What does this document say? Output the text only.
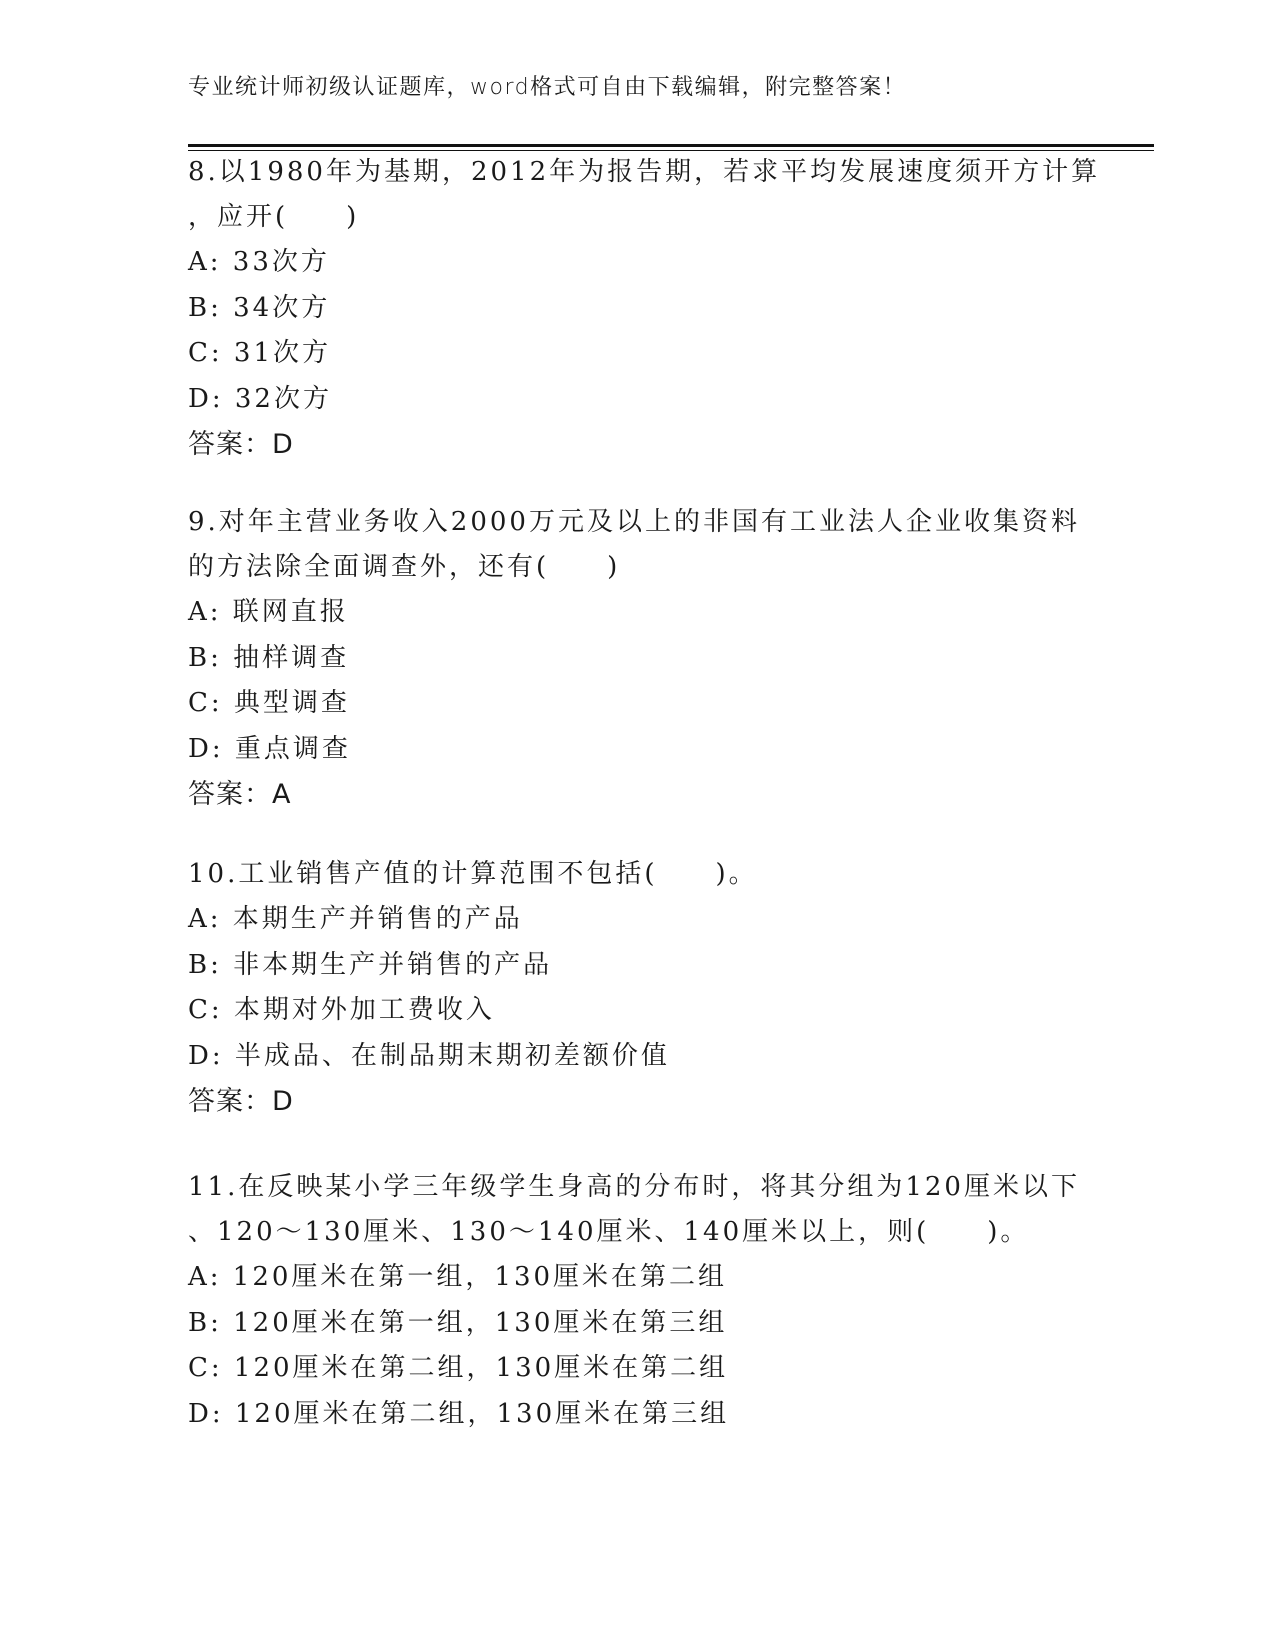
专业统计师初级认证题库，word格式可自由下载编辑，附完整答案！
8.以1980年为基期，2012年为报告期，若求平均发展速度须开方计算
，应开(　　)
A: 33次方
B: 34次方
C: 31次方
D: 32次方
答案：D
9.对年主营业务收入2000万元及以上的非国有工业法人企业收集资料
的方法除全面调查外，还有(　　)
A: 联网直报
B: 抽样调查
C: 典型调查
D: 重点调查
答案：A
10.工业销售产值的计算范围不包括(　　)。
A: 本期生产并销售的产品
B: 非本期生产并销售的产品
C: 本期对外加工费收入
D: 半成品、在制品期末期初差额价值
答案：D
11.在反映某小学三年级学生身高的分布时，将其分组为120厘米以下
、120～130厘米、130～140厘米、140厘米以上，则(　　)。
A: 120厘米在第一组，130厘米在第二组
B: 120厘米在第一组，130厘米在第三组
C: 120厘米在第二组，130厘米在第二组
D: 120厘米在第二组，130厘米在第三组
